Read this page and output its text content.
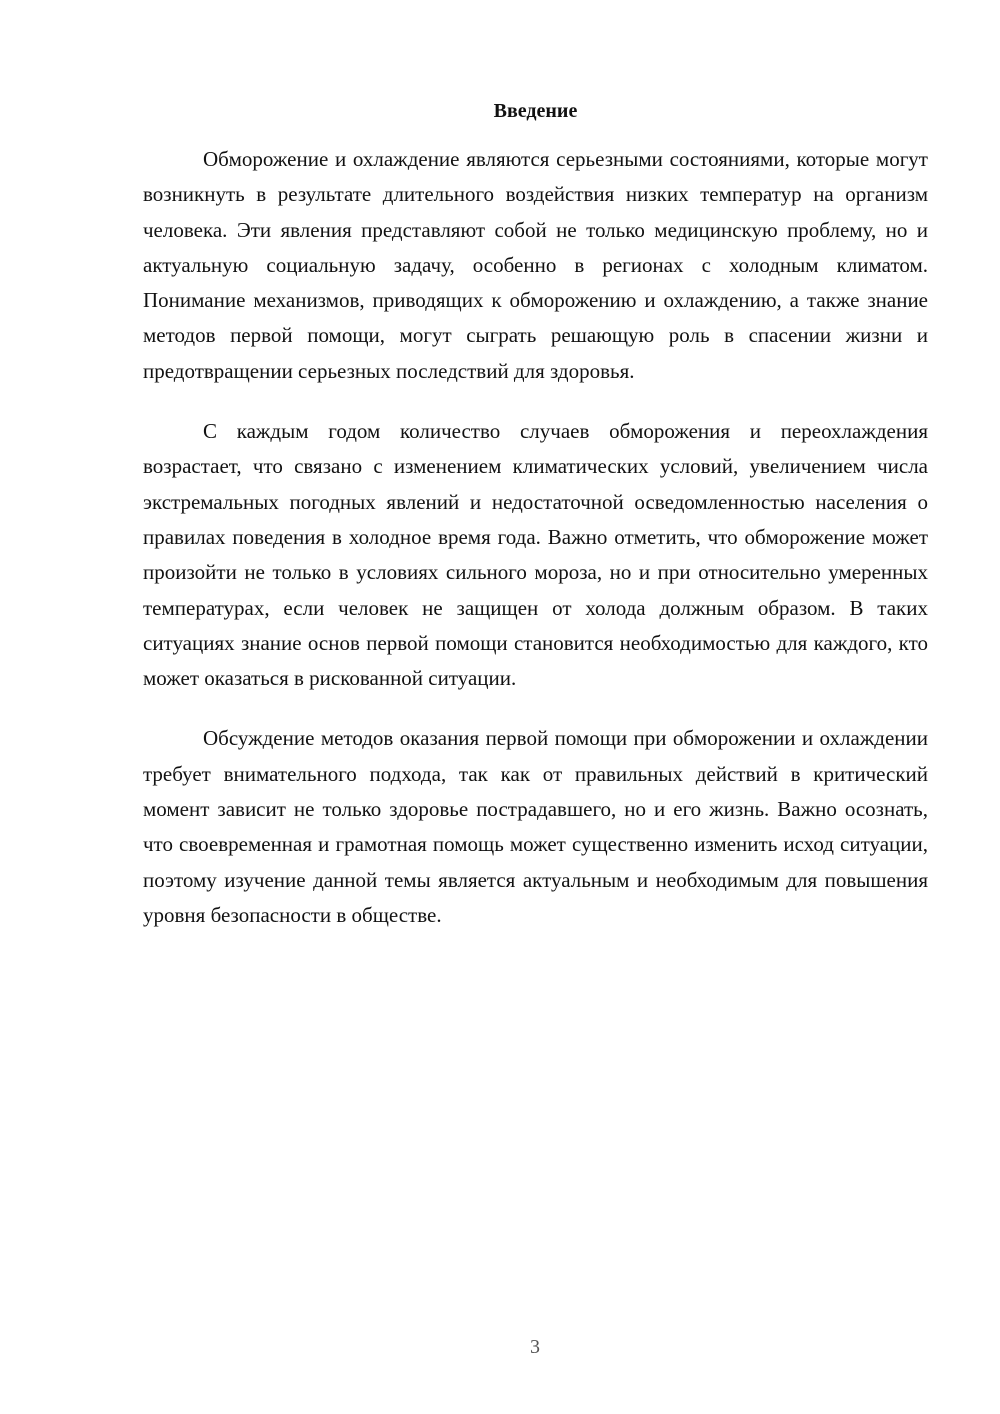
Введение

Обморожение и охлаждение являются серьезными состояниями, которые могут возникнуть в результате длительного воздействия низких температур на организм человека. Эти явления представляют собой не только медицинскую проблему, но и актуальную социальную задачу, особенно в регионах с холодным климатом. Понимание механизмов, приводящих к обморожению и охлаждению, а также знание методов первой помощи, могут сыграть решающую роль в спасении жизни и предотвращении серьезных последствий для здоровья.

С каждым годом количество случаев обморожения и переохлаждения возрастает, что связано с изменением климатических условий, увеличением числа экстремальных погодных явлений и недостаточной осведомленностью населения о правилах поведения в холодное время года. Важно отметить, что обморожение может произойти не только в условиях сильного мороза, но и при относительно умеренных температурах, если человек не защищен от холода должным образом. В таких ситуациях знание основ первой помощи становится необходимостью для каждого, кто может оказаться в рискованной ситуации.

Обсуждение методов оказания первой помощи при обморожении и охлаждении требует внимательного подхода, так как от правильных действий в критический момент зависит не только здоровье пострадавшего, но и его жизнь. Важно осознать, что своевременная и грамотная помощь может существенно изменить исход ситуации, поэтому изучение данной темы является актуальным и необходимым для повышения уровня безопасности в обществе.

3
